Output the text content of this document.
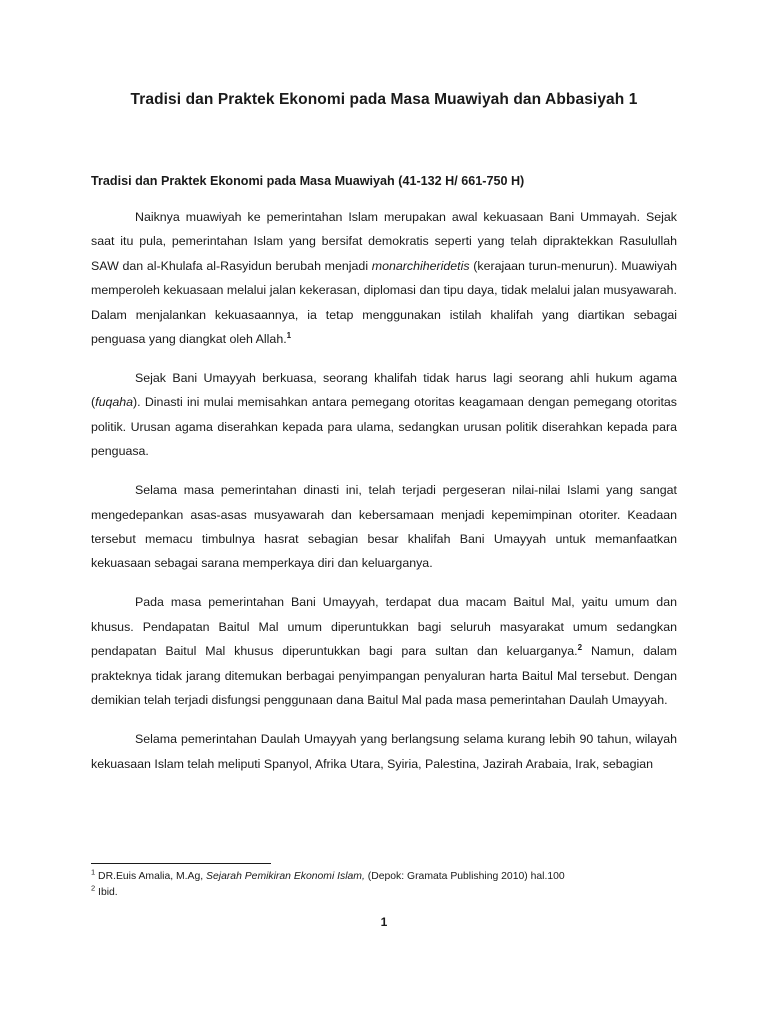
Tradisi dan Praktek Ekonomi pada Masa Muawiyah dan Abbasiyah 1
Tradisi dan Praktek Ekonomi pada Masa Muawiyah (41-132 H/ 661-750 H)

Naiknya muawiyah ke pemerintahan Islam merupakan awal kekuasaan Bani Ummayah. Sejak saat itu pula, pemerintahan Islam yang bersifat demokratis seperti yang telah dipraktekkan Rasulullah SAW dan al-Khulafa al-Rasyidun berubah menjadi monarchiheridetis (kerajaan turun-menurun). Muawiyah memperoleh kekuasaan melalui jalan kekerasan, diplomasi dan tipu daya, tidak melalui jalan musyawarah. Dalam menjalankan kekuasaannya, ia tetap menggunakan istilah khalifah yang diartikan sebagai penguasa yang diangkat oleh Allah.$^1$

Sejak Bani Umayyah berkuasa, seorang khalifah tidak harus lagi seorang ahli hukum agama (fuqaha). Dinasti ini mulai memisahkan antara pemegang otoritas keagamaan dengan pemegang otoritas politik. Urusan agama diserahkan kepada para ulama, sedangkan urusan politik diserahkan kepada para penguasa.

Selama masa pemerintahan dinasti ini, telah terjadi pergeseran nilai-nilai Islami yang sangat mengedepankan asas-asas musyawarah dan kebersamaan menjadi kepemimpinan otoriter. Keadaan tersebut memacu timbulnya hasrat sebagian besar khalifah Bani Umayyah untuk memanfaatkan kekuasaan sebagai sarana memperkaya diri dan keluarganya.

Pada masa pemerintahan Bani Umayyah, terdapat dua macam Baitul Mal, yaitu umum dan khusus. Pendapatan Baitul Mal umum diperuntukkan bagi seluruh masyarakat umum sedangkan pendapatan Baitul Mal khusus diperuntukkan bagi para sultan dan keluarganya.$^2$ Namun, dalam prakteknya tidak jarang ditemukan berbagai penyimpangan penyaluran harta Baitul Mal tersebut. Dengan demikian telah terjadi disfungsi penggunaan dana Baitul Mal pada masa pemerintahan Daulah Umayyah.

Selama pemerintahan Daulah Umayyah yang berlangsung selama kurang lebih 90 tahun, wilayah kekuasaan Islam telah meliputi Spanyol, Afrika Utara, Syiria, Palestina, Jazirah Arabaia, Irak, sebagian

$^1$ DR.Euis Amalia, M.Ag, Sejarah Pemikiran Ekonomi Islam, (Depok: Gramata Publishing 2010) hal.100
$^2$ Ibid.
1
